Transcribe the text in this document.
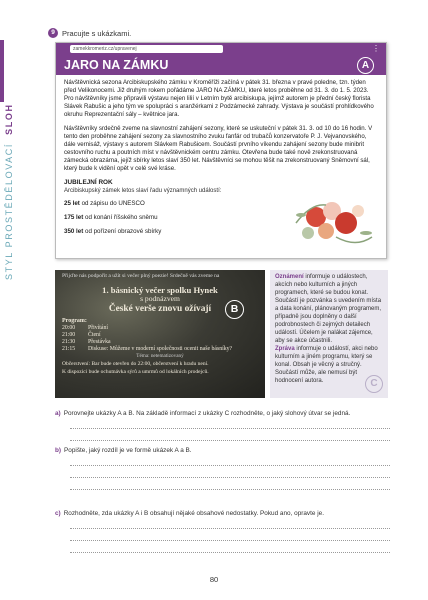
STYL PROSTĚDĚLOVACÍ  SLOH
9 Pracujte s ukázkami.
zamekkromeriz.cz/upravenej	⋮
JARO NA ZÁMKU	A

Návštěvnická sezona Arcibiskupského zámku v Kroměříži začíná v pátek 31. března v pravé poledne, tzn. týden před Velikonocemi. Již druhým rokem pořádáme JARO NA ZÁMKU, které letos proběhne od 31. 3. do 1. 5. 2023. Pro návštěvníky jsme připravili výstavu nejen lilií v Letním bytě arcibiskupa, jejímž autorem je přední český florista Slávek Rabušic a jeho tým ve spolupráci s aranžérkami z Podzámecké zahrady. Výstava je součástí prohlídkového okruhu Reprezentační sály – květnice jara.

Návštěvníky srdečně zveme na slavnostní zahájení sezony, které se uskuteční v pátek 31. 3. od 10 do 16 hodin. V tento den proběhne zahájení sezony za slavnostního zvuku fanfár od trubačů konzervatoře P. J. Vejvanovského, dále vernisáž, výstavy s autorem Slávkem Rabušicem. Součástí prvního víkendu zahájení sezony bude minibrit cestovního ruchu a poutních míst v návštěvnickém centru zámku. Otevřena bude také nově zrekonstruovaná zámecká obrazárna, jejíž sbírky letos slaví 350 let. Návštěvníci se mohou těšit na zrekonstruovaný Sněmovní sál, který bude k vidění opět v celé své kráse.

JUBILEJNÍ ROK
Arcibiskupský zámek letos slaví řadu významných událostí:
25 let od zápisu do UNESCO
175 let od konání říšského sněmu
350 let od pořízení obrazové sbírky
Přijďte nás podpořit a užít si večer plný poezie! Srdečně vás zveme na
1. básnický večer spolku Hynek
s podnázvem
České verše znovu ožívají
Program:
20:00 Přivítání
21:00 Čtení
21:30 Přestávka
21:15 Diskuse: Můžeme v moderní společnosti ocenit naše básníky?
Téma: netematizovaný
Občerstvení: Bar bude otevřen do 22:00, občerstvení k hradu není.
K dispozici bude ochutnávka sýrů a umrmů od lokálních prodejců.
B
Oznámení informuje o událostech, akcích nebo kulturních a jiných programech, které se budou konat. Součástí je pozvánka s uvedením místa a data konání, plánovaným programem, případně jsou doplněny o další podrobnostech či zejmých detailech událostí. Účelem je nalákat zájemce, aby se akce účastnili.
Zpráva informuje o událostí, akci nebo kulturním a jiném programu, který se konal. Obsah je věcný a stručný. Součástí může, ale nemusí být hodnocení autora.	C
a) Porovnejte ukázky A a B. Na základě informací z ukázky C rozhodněte, o jaký slohový útvar se jedná.
b) Popište, jaký rozdíl je ve formě ukázek A a B.
c) Rozhodněte, zda ukázky A i B obsahují nějaké obsahové nedostatky. Pokud ano, opravte je.
80
